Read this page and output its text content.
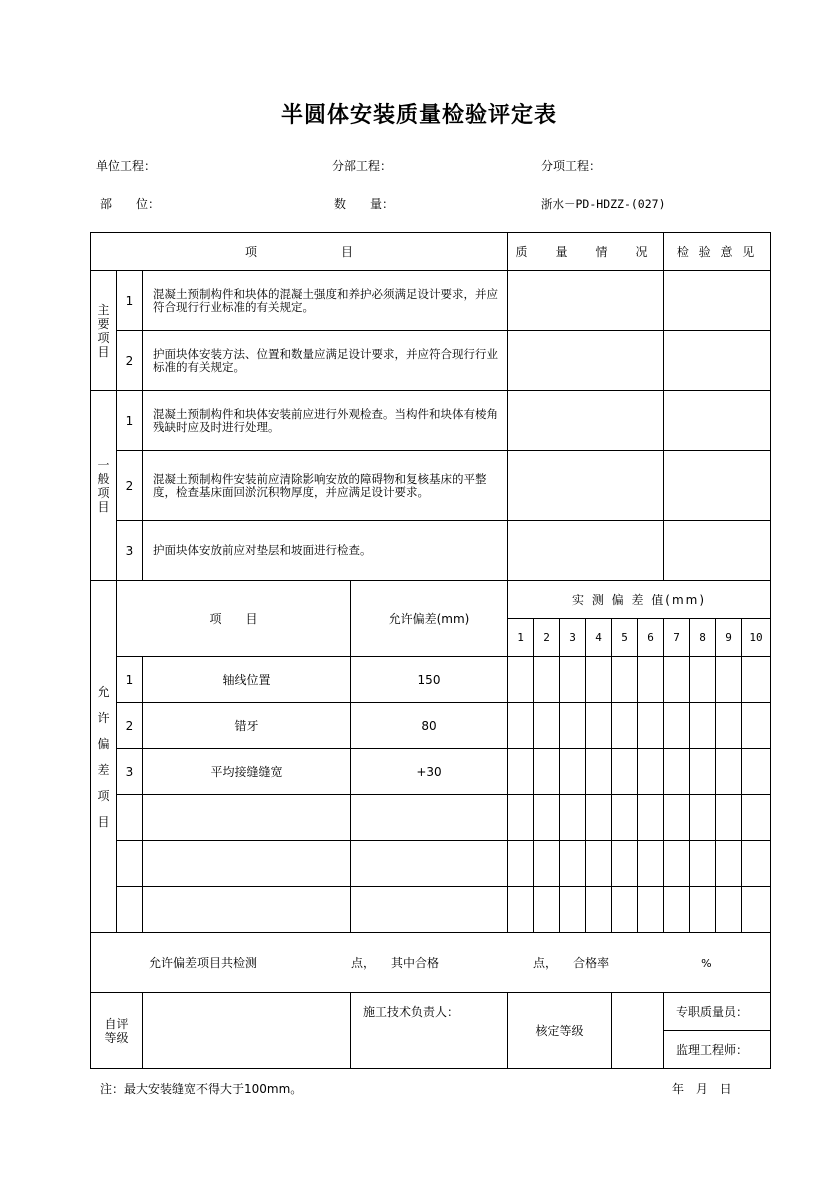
半圆体安装质量检验评定表
单位工程：	分部工程：	分项工程：
部　　位：	数　　量：	浙水－PD-HDZZ-(027)
项　　　　　　　目				质　量　情　况						检 验 意 见			
主要项目	1	混凝土预制构件和块体的混凝土强度和养护必须满足设计要求，并应符合现行行业标准的有关规定。											
	2	护面块体安装方法、位置和数量应满足设计要求，并应符合现行行业标准的有关规定。											
一般项目	1	混凝土预制构件和块体安装前应进行外观检查。当构件和块体有棱角残缺时应及时进行处理。											
	2	混凝土预制构件安装前应清除影响安放的障碍物和复核基床的平整度，检查基床面回淤沉积物厚度，并应满足设计要求。											
	3	护面块体安放前应对垫层和坡面进行检查。											
允许偏差项目	项　　目		允许偏差(mm)	实 测 偏 差 值(mm)									
				1	2	3	4	5	6	7	8	9	10
	1	轴线位置	150										
	2	错牙	80										
	3	平均接缝缝宽	+30										

允许偏差项目共检测 点， 其中合格 点， 合格率 %													
自评等级			施工技术负责人：	核定等级						专职质量员：			
										监理工程师：			
注：最大安装缝宽不得大于100mm。	年 月 日
